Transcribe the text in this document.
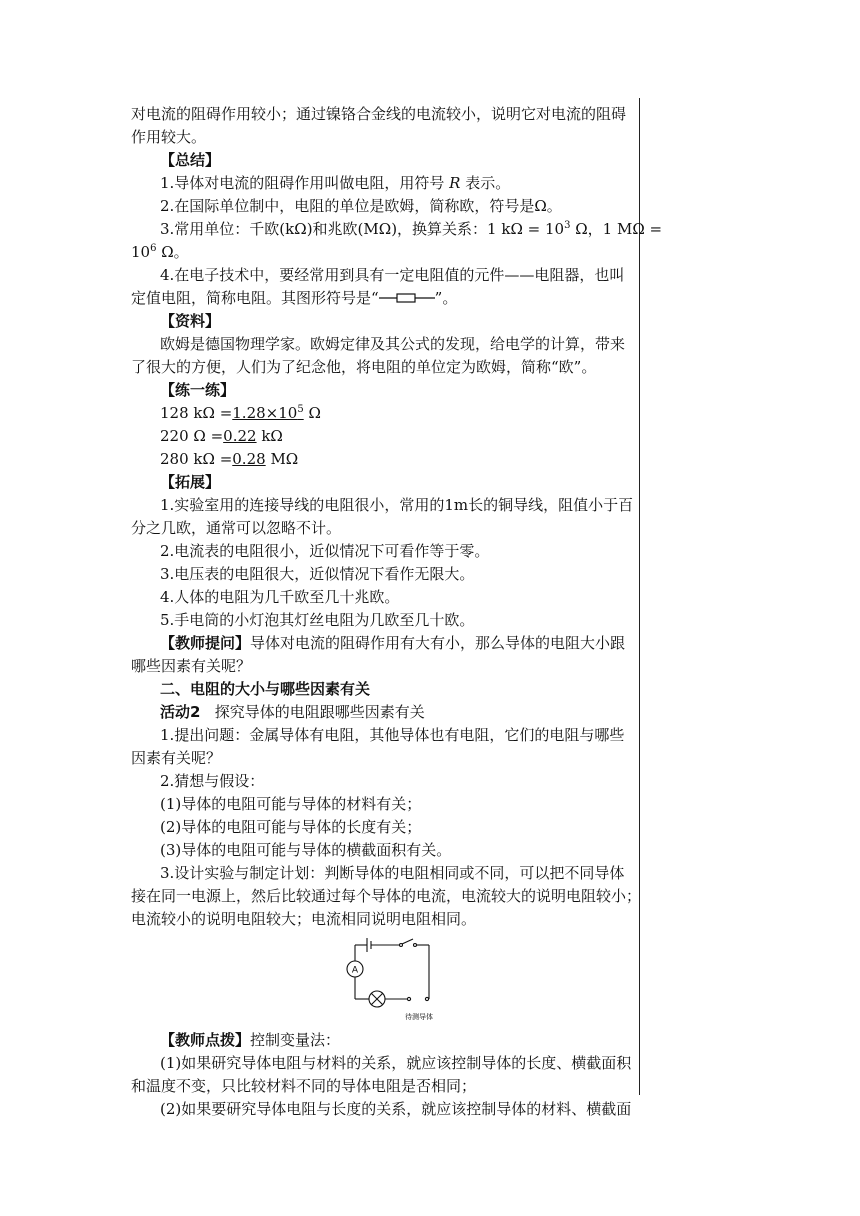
对电流的阻碍作用较小；通过镍铬合金线的电流较小，说明它对电流的阻碍
作用较大。
【总结】
1.导体对电流的阻碍作用叫做电阻，用符号 R 表示。
2.在国际单位制中，电阻的单位是欧姆，简称欧，符号是Ω。
3.常用单位：千欧(kΩ)和兆欧(MΩ)，换算关系：1 $k\Omega = 10^3$ Ω，1 MΩ =
$10^6$ Ω。
4.在电子技术中，要经常用到具有一定电阻值的元件——电阻器，也叫
定值电阻，简称电阻。其图形符号是“	”。
【资料】
欧姆是德国物理学家。欧姆定律及其公式的发现，给电学的计算，带来
了很大的方便，人们为了纪念他，将电阻的单位定为欧姆，简称“欧”。
【练一练】
128 $k\Omega =1.28\times 10^5$ Ω
220 Ω =0.22 kΩ
280 kΩ =0.28 MΩ
【拓展】
1.实验室用的连接导线的电阻很小，常用的1m长的铜导线，阻值小于百
分之几欧，通常可以忽略不计。
2.电流表的电阻很小，近似情况下可看作等于零。
3.电压表的电阻很大，近似情况下看作无限大。
4.人体的电阻为几千欧至几十兆欧。
5.手电筒的小灯泡其灯丝电阻为几欧至几十欧。
【教师提问】导体对电流的阻碍作用有大有小，那么导体的电阻大小跟
哪些因素有关呢？
二、电阻的大小与哪些因素有关
活动2 探究导体的电阻跟哪些因素有关
1.提出问题：金属导体有电阻，其他导体也有电阻，它们的电阻与哪些
因素有关呢？
2.猜想与假设：
(1)导体的电阻可能与导体的材料有关；
(2)导体的电阻可能与导体的长度有关；
(3)导体的电阻可能与导体的横截面积有关。
3.设计实验与制定计划：判断导体的电阻相同或不同，可以把不同导体
接在同一电源上，然后比较通过每个导体的电流，电流较大的说明电阻较小；
电流较小的说明电阻较大；电流相同说明电阻相同。
A
待测导体
【教师点拨】控制变量法：
(1)如果研究导体电阻与材料的关系，就应该控制导体的长度、横截面积
和温度不变，只比较材料不同的导体电阻是否相同；
(2)如果要研究导体电阻与长度的关系，就应该控制导体的材料、横截面
